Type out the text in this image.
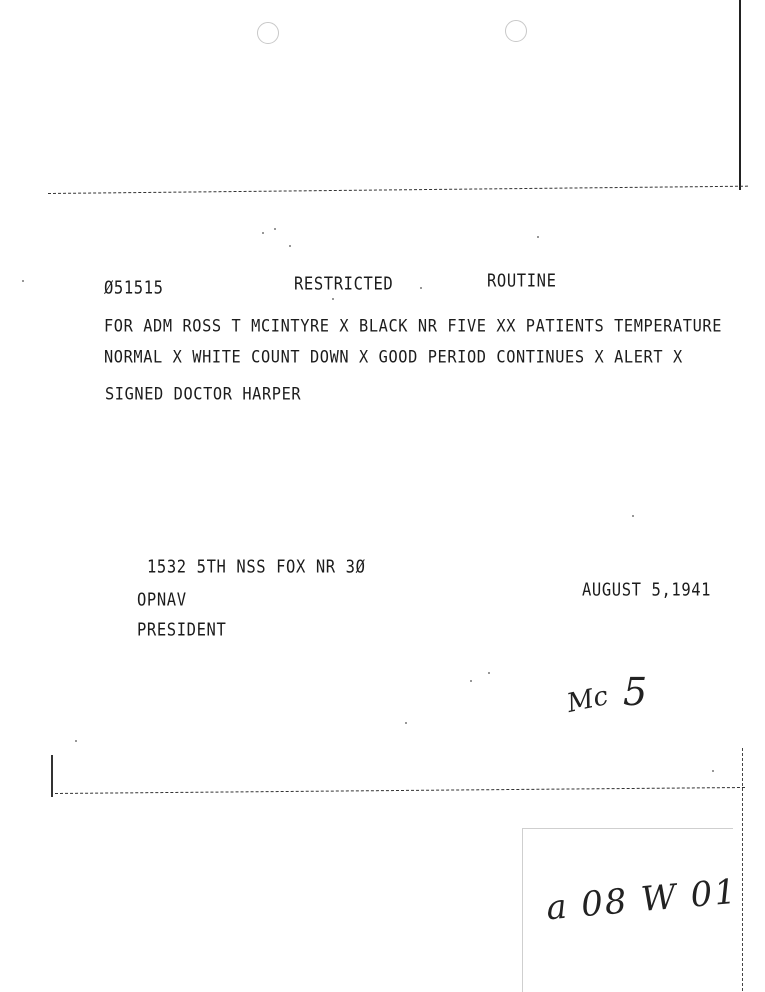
Ø51515	RESTRICTED	ROUTINE
FOR ADM ROSS T MCINTYRE X BLACK NR FIVE XX PATIENTS TEMPERATURE
NORMAL X WHITE COUNT DOWN X GOOD PERIOD CONTINUES X ALERT X
SIGNED DOCTOR HARPER
1532 5TH NSS FOX NR 3Ø
OPNAV
PRESIDENT
AUGUST 5,1941
Mc 5
a 08 W 01
